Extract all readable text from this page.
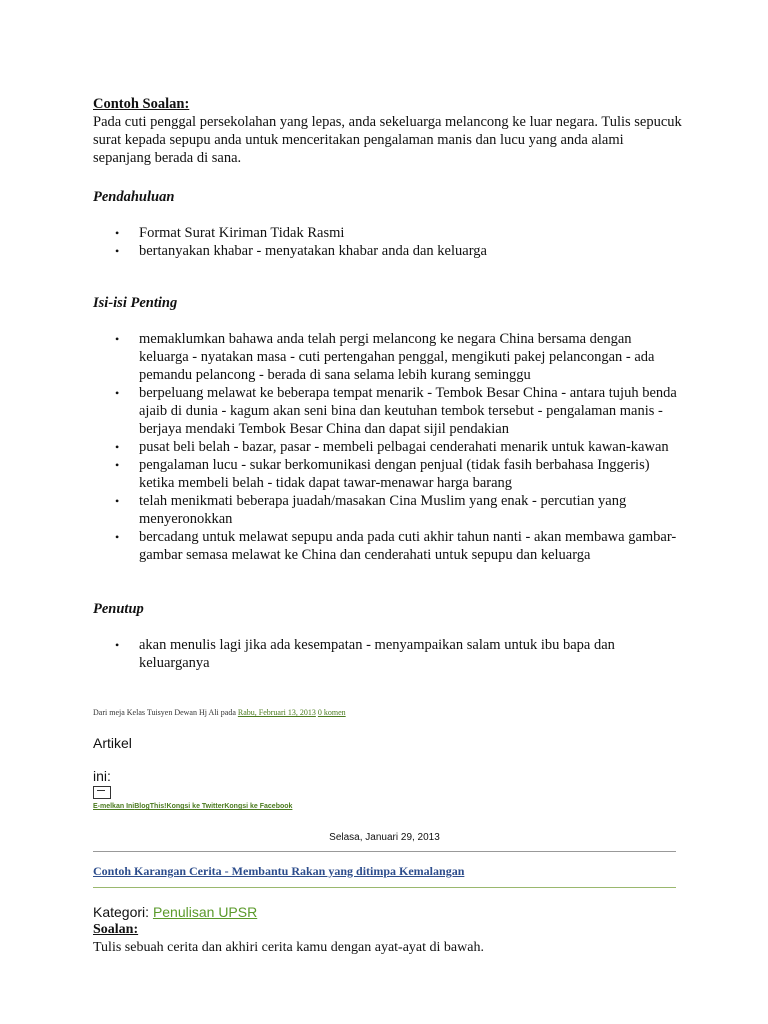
Contoh Soalan:

Pada cuti penggal persekolahan yang lepas, anda sekeluarga melancong ke luar negara. Tulis sepucuk surat kepada sepupu anda untuk menceritakan pengalaman manis dan lucu yang anda alami sepanjang berada di sana.

Pendahuluan
• Format Surat Kiriman Tidak Rasmi
• bertanyakan khabar - menyatakan khabar anda dan keluarga
Isi-isi Penting
• memaklumkan bahawa anda telah pergi melancong ke negara China bersama dengan keluarga - nyatakan masa - cuti pertengahan penggal, mengikuti pakej pelancongan - ada pemandu pelancong - berada di sana selama lebih kurang seminggu
• berpeluang melawat ke beberapa tempat menarik - Tembok Besar China - antara tujuh benda ajaib di dunia - kagum akan seni bina dan keutuhan tembok tersebut - pengalaman manis - berjaya mendaki Tembok Besar China dan dapat sijil pendakian
• pusat beli belah - bazar, pasar - membeli pelbagai cenderahati menarik untuk kawan-kawan
• pengalaman lucu - sukar berkomunikasi dengan penjual (tidak fasih berbahasa Inggeris) ketika membeli belah - tidak dapat tawar-menawar harga barang
• telah menikmati beberapa juadah/masakan Cina Muslim yang enak - percutian yang menyeronokkan
• bercadang untuk melawat sepupu anda pada cuti akhir tahun nanti - akan membawa gambar-gambar semasa melawat ke China dan cenderahati untuk sepupu dan keluarga
Penutup
• akan menulis lagi jika ada kesempatan - menyampaikan salam untuk ibu bapa dan keluarganya
Dari meja Kelas Tuisyen Dewan Hj Ali pada Rabu, Februari 13, 2013 0 komen
Artikel
ini:
E-melkan IniBlogThis!Kongsi ke TwitterKongsi ke Facebook
Selasa, Januari 29, 2013
Contoh Karangan Cerita - Membantu Rakan yang ditimpa Kemalangan
Kategori: Penulisan UPSR
Soalan:
Tulis sebuah cerita dan akhiri cerita kamu dengan ayat-ayat di bawah.
